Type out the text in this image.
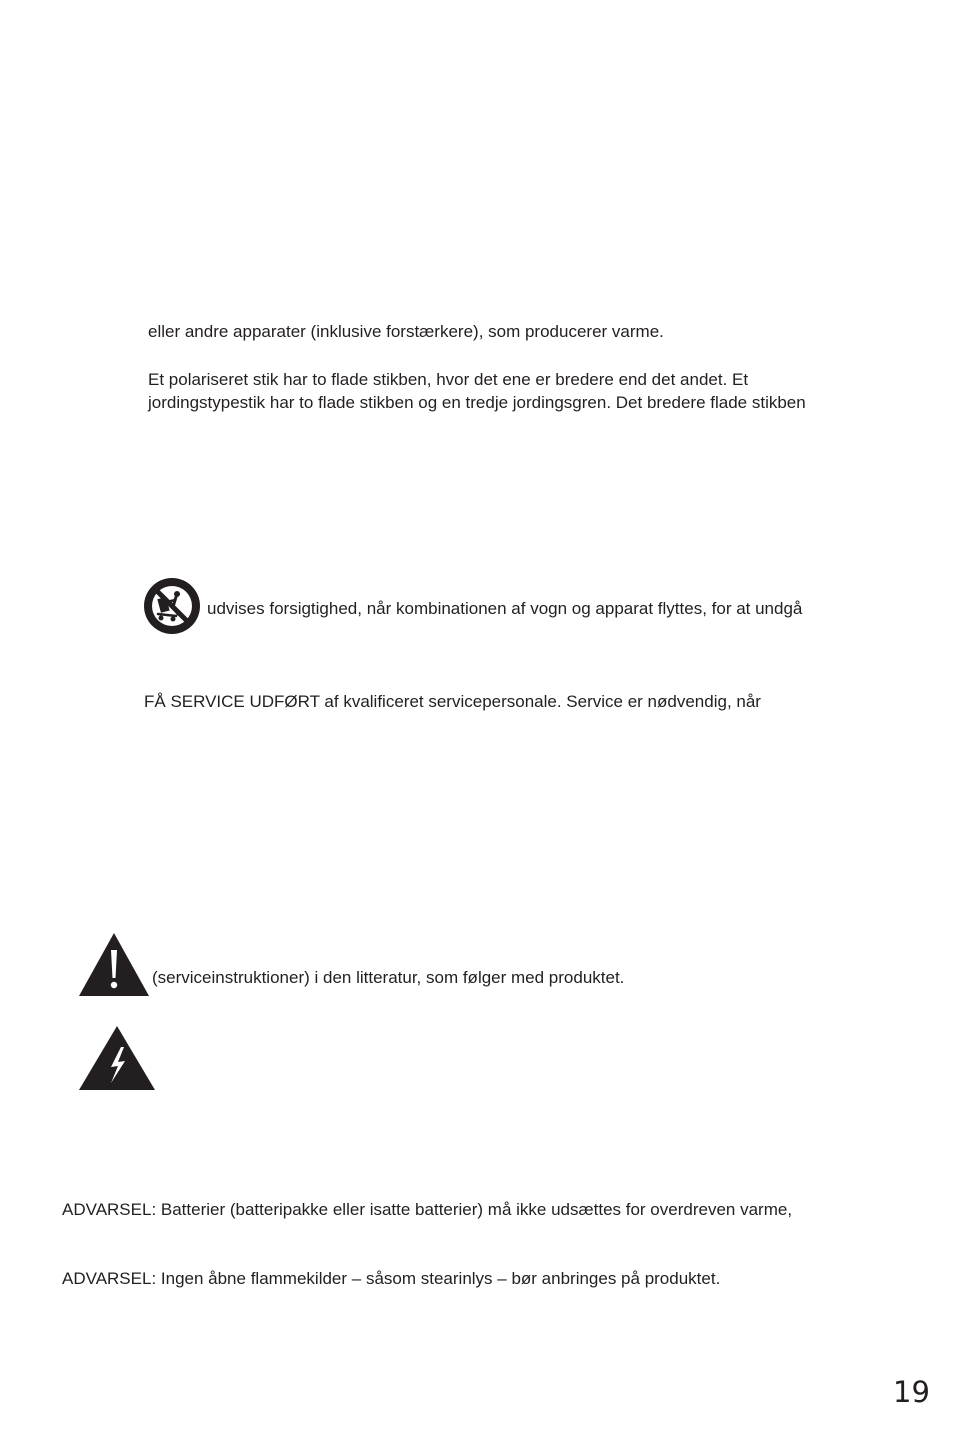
eller andre apparater (inklusive forstærkere), som producerer varme.

Et polariseret stik har to flade stikben, hvor det ene er bredere end det andet. Et

jordingstypestik har to flade stikben og en tredje jordingsgren. Det bredere flade stikben

udvises forsigtighed, når kombinationen af vogn og apparat flyttes, for at undgå

FÅ SERVICE UDFØRT af kvalificeret servicepersonale. Service er nødvendig, når

(serviceinstruktioner) i den litteratur, som følger med produktet.

ADVARSEL: Batterier (batteripakke eller isatte batterier) må ikke udsættes for overdreven varme,

ADVARSEL: Ingen åbne flammekilder – såsom stearinlys – bør anbringes på produktet.

19
